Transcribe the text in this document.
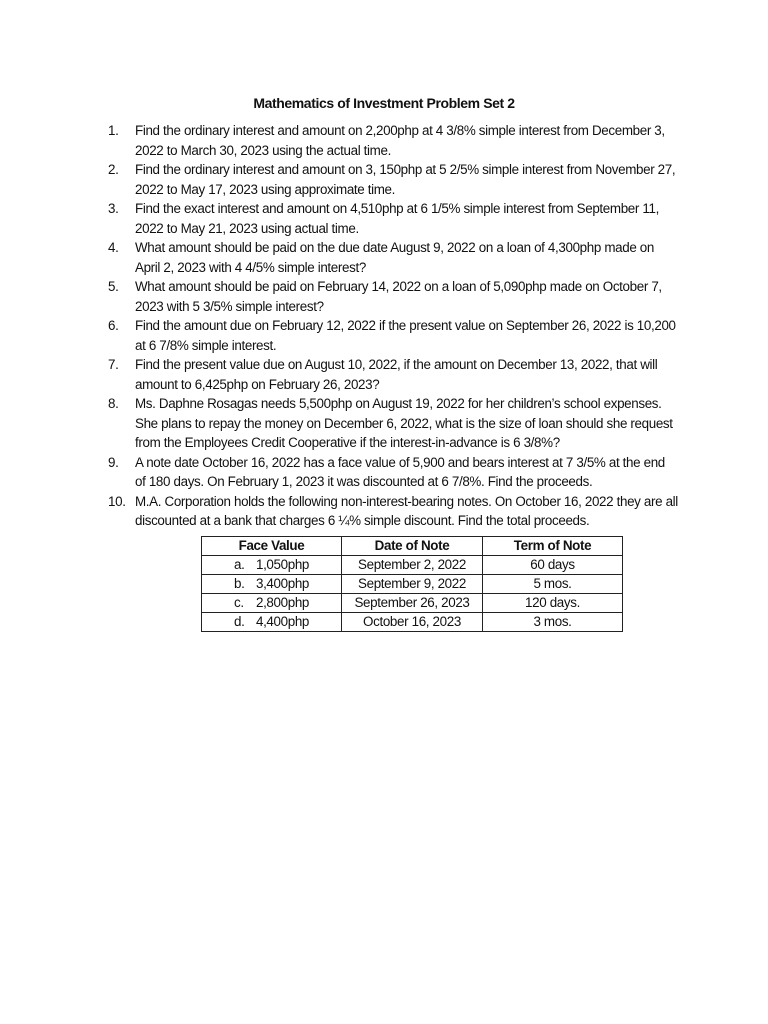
Mathematics of Investment Problem Set 2
1.	Find the ordinary interest and amount on 2,200php at 4 3/8% simple interest from December 3, 2022 to March 30, 2023 using the actual time.
2.	Find the ordinary interest and amount on 3, 150php at 5 2/5% simple interest from November 27, 2022 to May 17, 2023 using approximate time.
3.	Find the exact interest and amount on 4,510php at 6 1/5% simple interest from September 11, 2022 to May 21, 2023 using actual time.
4.	What amount should be paid on the due date August 9, 2022 on a loan of 4,300php made on April 2, 2023 with 4 4/5% simple interest?
5.	What amount should be paid on February 14, 2022 on a loan of 5,090php made on October 7, 2023 with 5 3/5% simple interest?
6.	Find the amount due on February 12, 2022 if the present value on September 26, 2022 is 10,200 at 6 7/8% simple interest.
7.	Find the present value due on August 10, 2022, if the amount on December 13, 2022, that will amount to 6,425php on February 26, 2023?
8.	Ms. Daphne Rosagas needs 5,500php on August 19, 2022 for her children’s school expenses. She plans to repay the money on December 6, 2022, what is the size of loan should she request from the Employees Credit Cooperative if the interest-in-advance is 6 3/8%?
9.	A note date October 16, 2022 has a face value of 5,900 and bears interest at 7 3/5% at the end of 180 days. On February 1, 2023 it was discounted at 6 7/8%. Find the proceeds.
10. M.A. Corporation holds the following non-interest-bearing notes. On October 16, 2022 they are all discounted at a bank that charges 6 ¼% simple discount. Find the total proceeds.
Face Value	Date of Note	Term of Note
a. 1,050php	September 2, 2022	60 days
b. 3,400php	September 9, 2022	5 mos.
c. 2,800php	September 26, 2023	120 days.
d. 4,400php	October 16, 2023	3 mos.
